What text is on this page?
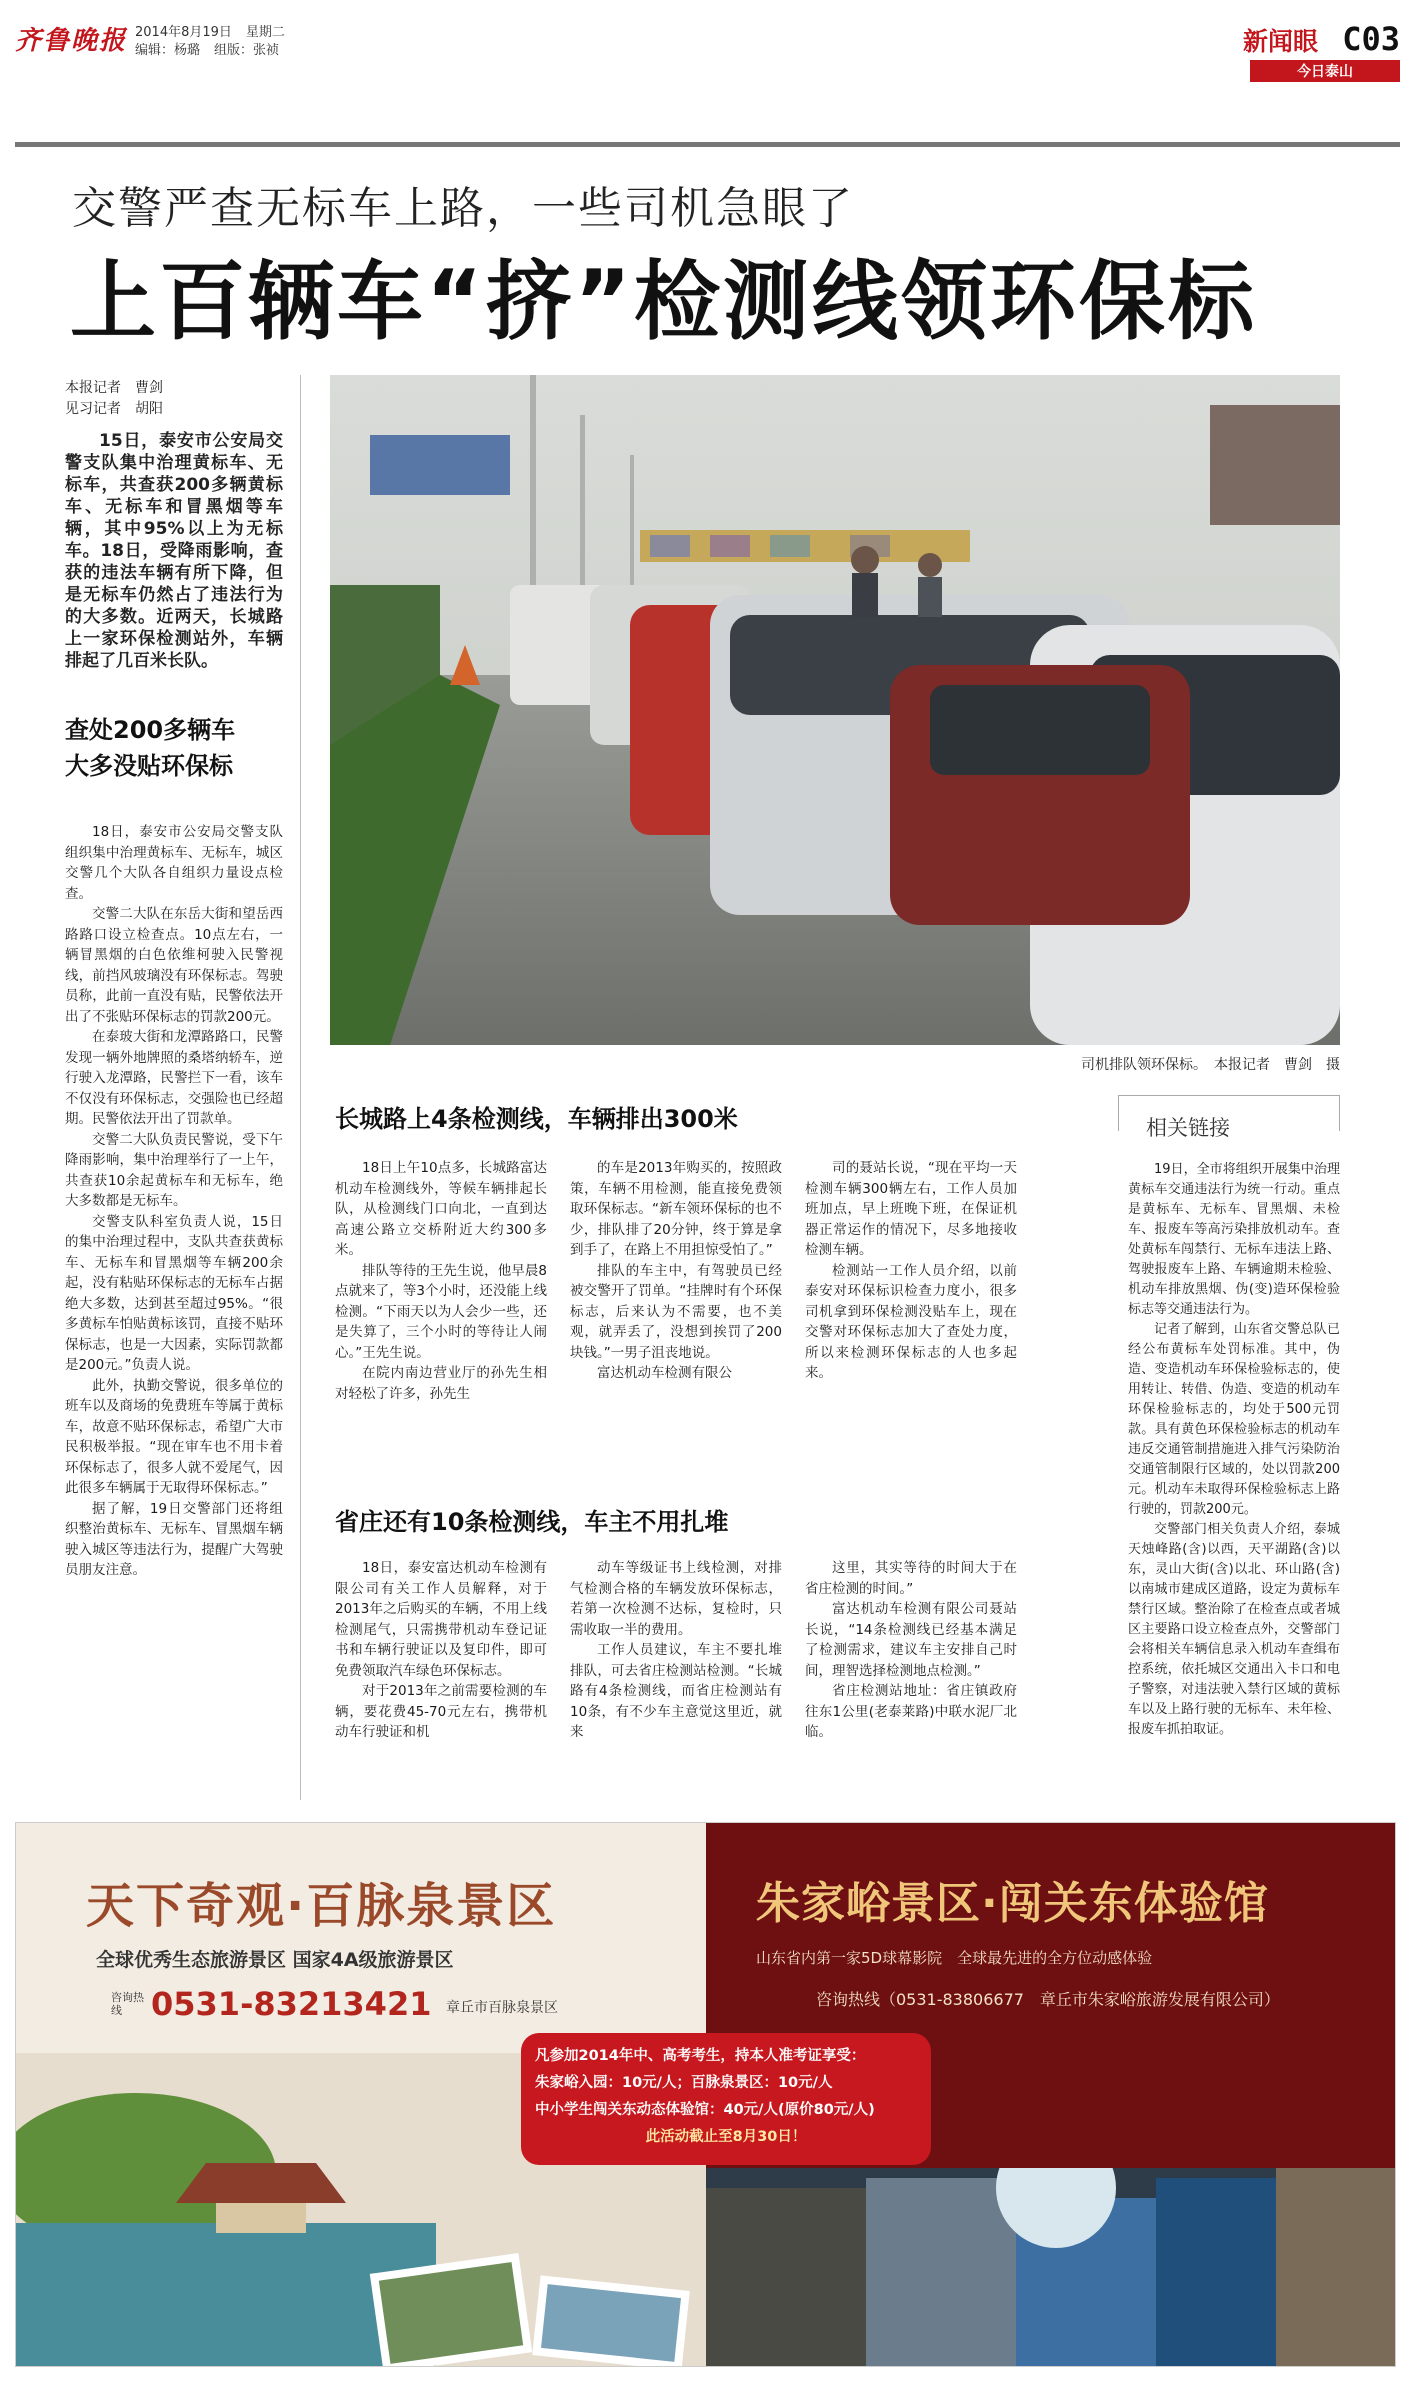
齐鲁晚报 2014年8月19日 星期二
编辑：杨璐 组版：张祯	新闻眼 C03
今日泰山
交警严查无标车上路，一些司机急眼了
上百辆车“挤”检测线领环保标
本报记者　曹剑
见习记者　胡阳

15日，泰安市公安局交警支队集中治理黄标车、无标车，共查获200多辆黄标车、无标车和冒黑烟等车辆，其中95%以上为无标车。18日，受降雨影响，查获的违法车辆有所下降，但是无标车仍然占了违法行为的大多数。近两天，长城路上一家环保检测站外，车辆排起了几百米长队。

查处200多辆车
大多没贴环保标

18日，泰安市公安局交警支队组织集中治理黄标车、无标车，城区交警几个大队各自组织力量设点检查。

交警二大队在东岳大街和望岳西路路口设立检查点。10点左右，一辆冒黑烟的白色依维柯驶入民警视线，前挡风玻璃没有环保标志。驾驶员称，此前一直没有贴，民警依法开出了不张贴环保标志的罚款200元。

在泰玻大街和龙潭路路口，民警发现一辆外地牌照的桑塔纳轿车，逆行驶入龙潭路，民警拦下一看，该车不仅没有环保标志，交强险也已经超期。民警依法开出了罚款单。

交警二大队负责民警说，受下午降雨影响，集中治理举行了一上午，共查获10余起黄标车和无标车，绝大多数都是无标车。

交警支队科室负责人说，15日的集中治理过程中，支队共查获黄标车、无标车和冒黑烟等车辆200余起，没有粘贴环保标志的无标车占据绝大多数，达到甚至超过95%。“很多黄标车怕贴黄标该罚，直接不贴环保标志，也是一大因素，实际罚款都是200元。”负责人说。

此外，执勤交警说，很多单位的班车以及商场的免费班车等属于黄标车，故意不贴环保标志，希望广大市民积极举报。“现在审车也不用卡着环保标志了，很多人就不爱尾气，因此很多车辆属于无取得环保标志。”

据了解，19日交警部门还将组织整治黄标车、无标车、冒黑烟车辆驶入城区等违法行为，提醒广大驾驶员朋友注意。

司机排队领环保标。　本报记者　曹剑　摄
长城路上4条检测线，车辆排出300米

18日上午10点多，长城路富达机动车检测线外，等候车辆排起长队，从检测线门口向北，一直到达高速公路立交桥附近大约300多米。

排队等待的王先生说，他早晨8点就来了，等3个小时，还没能上线检测。“下雨天以为人会少一些，还是失算了，三个小时的等待让人闹心。”王先生说。

在院内南边营业厅的孙先生相对轻松了许多，孙先生

的车是2013年购买的，按照政策，车辆不用检测，能直接免费领取环保标志。“新车领环保标的也不少，排队排了20分钟，终于算是拿到手了，在路上不用担惊受怕了。”

排队的车主中，有驾驶员已经被交警开了罚单。“挂牌时有个环保标志，后来认为不需要，也不美观，就弄丢了，没想到挨罚了200块钱。”一男子沮丧地说。

富达机动车检测有限公

司的聂站长说，“现在平均一天检测车辆300辆左右，工作人员加班加点，早上班晚下班，在保证机器正常运作的情况下，尽多地接收检测车辆。

检测站一工作人员介绍，以前泰安对环保标识检查力度小，很多司机拿到环保检测没贴车上，现在交警对环保标志加大了查处力度，所以来检测环保标志的人也多起来。

省庄还有10条检测线，车主不用扎堆

18日，泰安富达机动车检测有限公司有关工作人员解释，对于2013年之后购买的车辆，不用上线检测尾气，只需携带机动车登记证书和车辆行驶证以及复印件，即可免费领取汽车绿色环保标志。

对于2013年之前需要检测的车辆，要花费45-70元左右，携带机动车行驶证和机

动车等级证书上线检测，对排气检测合格的车辆发放环保标志，若第一次检测不达标，复检时，只需收取一半的费用。

工作人员建议，车主不要扎堆排队，可去省庄检测站检测。“长城路有4条检测线，而省庄检测站有10条，有不少车主意觉这里近，就来

这里，其实等待的时间大于在省庄检测的时间。”

富达机动车检测有限公司聂站长说，“14条检测线已经基本满足了检测需求，建议车主安排自己时间，理智选择检测地点检测。”

省庄检测站地址：省庄镇政府往东1公里(老泰莱路)中联水泥厂北临。

相关链接

19日，全市将组织开展集中治理黄标车交通违法行为统一行动。重点是黄标车、无标车、冒黑烟、未检车、报废车等高污染排放机动车。查处黄标车闯禁行、无标车违法上路、驾驶报废车上路、车辆逾期未检验、机动车排放黑烟、伪(变)造环保检验标志等交通违法行为。

记者了解到，山东省交警总队已经公布黄标车处罚标准。其中，伪造、变造机动车环保检验标志的，使用转让、转借、伪造、变造的机动车环保检验标志的，均处于500元罚款。具有黄色环保检验标志的机动车违反交通管制措施进入排气污染防治交通管制限行区域的，处以罚款200元。机动车未取得环保检验标志上路行驶的，罚款200元。

交警部门相关负责人介绍，泰城天烛峰路(含)以西，天平湖路(含)以东，灵山大街(含)以北、环山路(含)以南城市建成区道路，设定为黄标车禁行区域。整治除了在检查点或者城区主要路口设立检查点外，交警部门会将相关车辆信息录入机动车查缉布控系统，依托城区交通出入卡口和电子警察，对违法驶入禁行区域的黄标车以及上路行驶的无标车、未年检、报废车抓拍取证。

天下奇观·百脉泉景区
全球优秀生态旅游景区 国家4A级旅游景区
咨询热线 0531-83213421 章丘市百脉泉景区
朱家峪景区·闯关东体验馆
山东省内第一家5D球幕影院　全球最先进的全方位动感体验
咨询热线（0531-83806677　章丘市朱家峪旅游发展有限公司）
凡参加2014年中、高考考生，持本人准考证享受：
朱家峪入园：10元/人；百脉泉景区：10元/人
中小学生闯关东动态体验馆：40元/人(原价80元/人)
此活动截止至8月30日！
